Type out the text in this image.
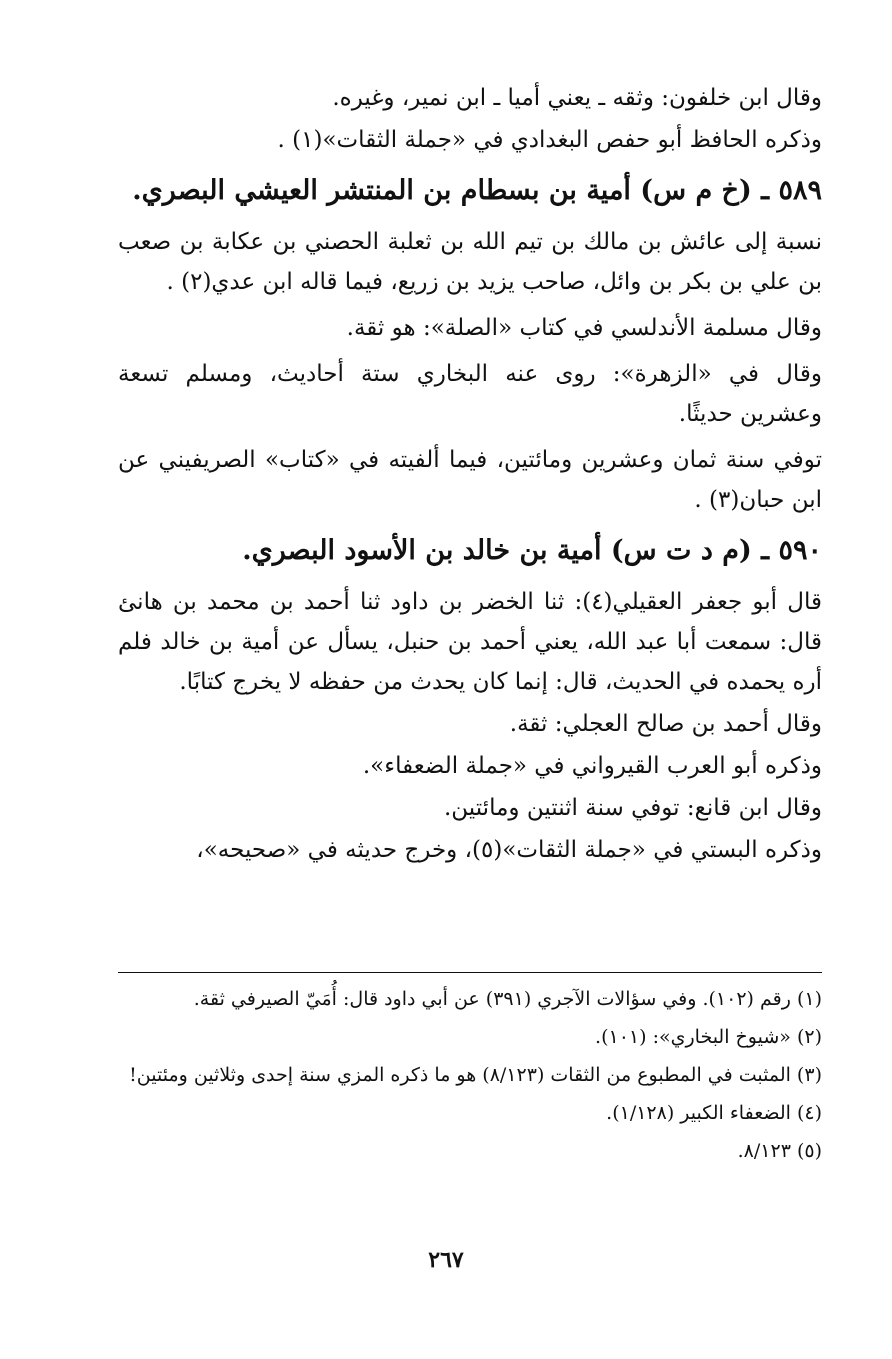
وقال ابن خلفون: وثقه ـ يعني أميا ـ ابن نمير، وغيره.

وذكره الحافظ أبو حفص البغدادي في «جملة الثقات»(١) .

٥٨٩ ـ (خ م س) أمية بن بسطام بن المنتشر العيشي البصري.

نسبة إلى عائش بن مالك بن تيم الله بن ثعلبة الحصني بن عكابة بن صعب بن علي بن بكر بن وائل، صاحب يزيد بن زريع، فيما قاله ابن عدي(٢) .

وقال مسلمة الأندلسي في كتاب «الصلة»: هو ثقة.

وقال في «الزهرة»: روى عنه البخاري ستة أحاديث، ومسلم تسعة وعشرين حديثًا.

توفي سنة ثمان وعشرين ومائتين، فيما ألفيته في «كتاب» الصريفيني عن ابن حبان(٣) .

٥٩٠ ـ (م د ت س) أمية بن خالد بن الأسود البصري.

قال أبو جعفر العقيلي(٤): ثنا الخضر بن داود ثنا أحمد بن محمد بن هانئ قال: سمعت أبا عبد الله، يعني أحمد بن حنبل، يسأل عن أمية بن خالد فلم أره يحمده في الحديث، قال: إنما كان يحدث من حفظه لا يخرج كتابًا.

وقال أحمد بن صالح العجلي: ثقة.

وذكره أبو العرب القيرواني في «جملة الضعفاء».

وقال ابن قانع: توفي سنة اثنتين ومائتين.

وذكره البستي في «جملة الثقات»(٥)، وخرج حديثه في «صحيحه»،

(١) رقم (١٠٢). وفي سؤالات الآجري (٣٩١) عن أبي داود قال: أُمَيّ الصيرفي ثقة.

(٢) «شيوخ البخاري»: (١٠١).

(٣) المثبت في المطبوع من الثقات (٨/١٢٣) هو ما ذكره المزي سنة إحدى وثلاثين ومئتين!

(٤) الضعفاء الكبير (١/١٢٨).

(٥) ٨/١٢٣.

٢٦٧
